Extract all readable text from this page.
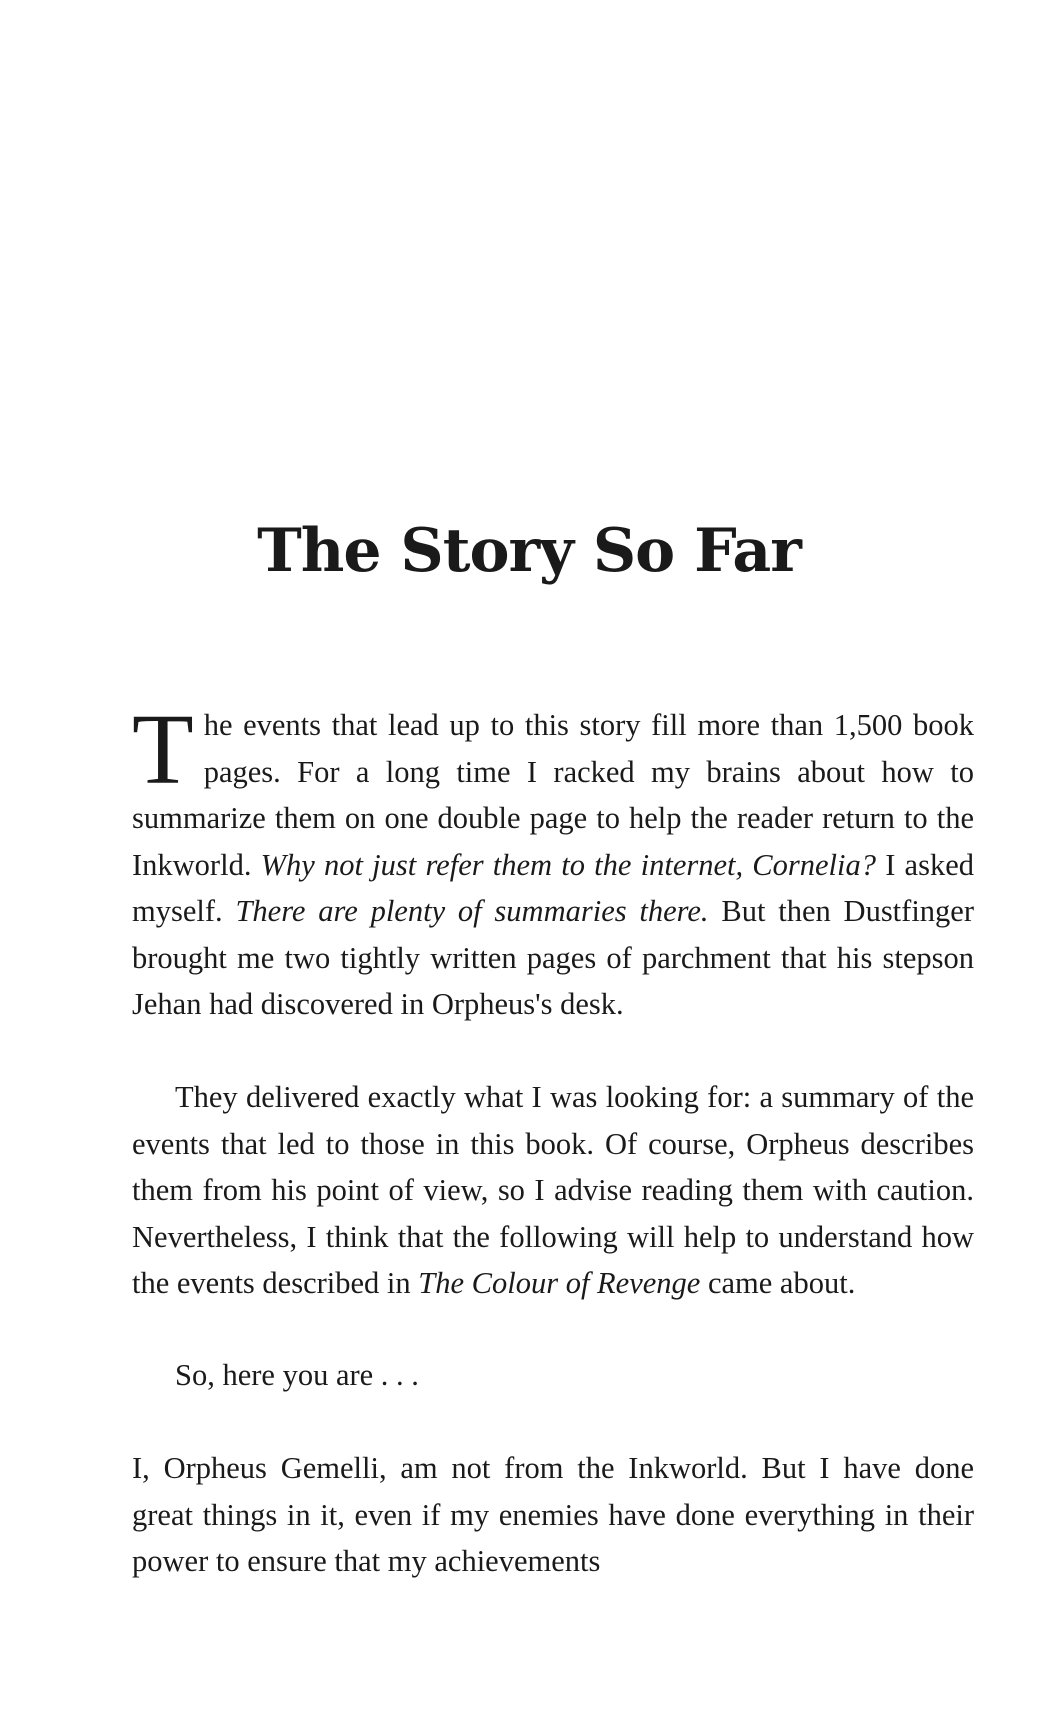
The Story So Far

The events that lead up to this story fill more than 1,500 book pages. For a long time I racked my brains about how to summarize them on one double page to help the reader return to the Inkworld. Why not just refer them to the internet, Cornelia? I asked myself. There are plenty of summaries there. But then Dustfinger brought me two tightly written pages of parchment that his stepson Jehan had discovered in Orpheus's desk.

They delivered exactly what I was looking for: a summary of the events that led to those in this book. Of course, Orpheus describes them from his point of view, so I advise reading them with caution. Nevertheless, I think that the following will help to understand how the events described in The Colour of Revenge came about.

So, here you are . . .

I, Orpheus Gemelli, am not from the Inkworld. But I have done great things in it, even if my enemies have done everything in their power to ensure that my achievements
